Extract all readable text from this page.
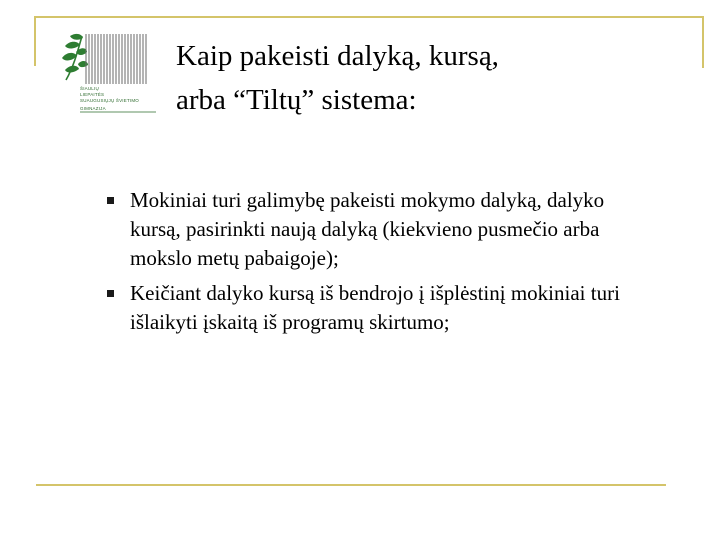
ŠIAULIŲ
LIEPAITĖS
SUAUGUSIŲJŲ ŠVIETIMO
GIMNAZIJA
Kaip pakeisti dalyką, kursą,
arba “Tiltų” sistema:
Mokiniai turi galimybę pakeisti mokymo dalyką, dalyko kursą, pasirinkti naują dalyką (kiekvieno pusmečio arba mokslo metų pabaigoje);
Keičiant dalyko kursą iš bendrojo į išplėstinį mokiniai turi išlaikyti įskaitą iš programų skirtumo;
